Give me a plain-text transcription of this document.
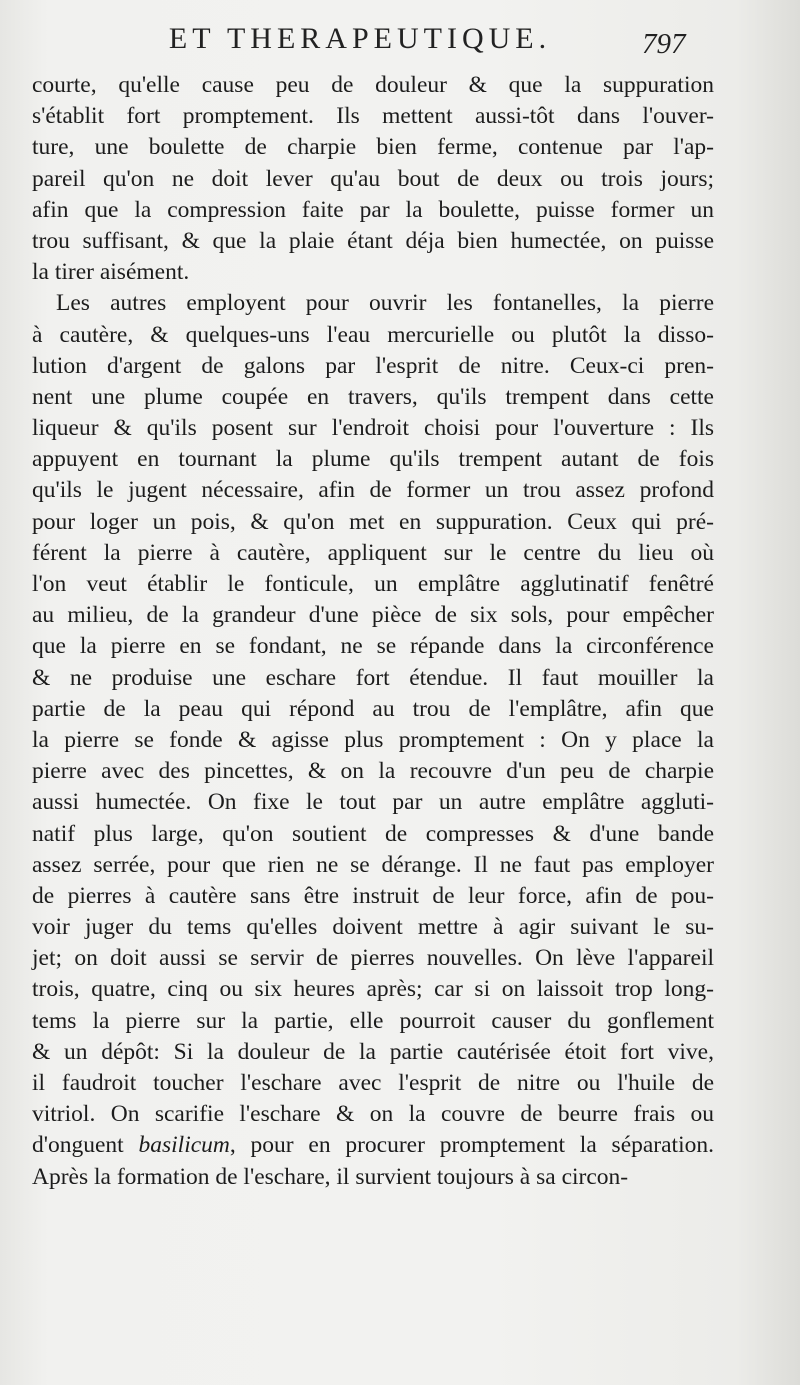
ET THERAPEUTIQUE.	797
courte, qu'elle cause peu de douleur & que la suppuration
s'établit fort promptement. Ils mettent aussi-tôt dans l'ouver-
ture, une boulette de charpie bien ferme, contenue par l'ap-
pareil qu'on ne doit lever qu'au bout de deux ou trois jours;
afin que la compression faite par la boulette, puisse former un
trou suffisant, & que la plaie étant déja bien humectée, on puisse
la tirer aisément.
Les autres employent pour ouvrir les fontanelles, la pierre
à cautère, & quelques-uns l'eau mercurielle ou plutôt la disso-
lution d'argent de galons par l'esprit de nitre. Ceux-ci pren-
nent une plume coupée en travers, qu'ils trempent dans cette
liqueur & qu'ils posent sur l'endroit choisi pour l'ouverture : Ils
appuyent en tournant la plume qu'ils trempent autant de fois
qu'ils le jugent nécessaire, afin de former un trou assez profond
pour loger un pois, & qu'on met en suppuration. Ceux qui pré-
férent la pierre à cautère, appliquent sur le centre du lieu où
l'on veut établir le fonticule, un emplâtre agglutinatif fenêtré
au milieu, de la grandeur d'une pièce de six sols, pour empêcher
que la pierre en se fondant, ne se répande dans la circonférence
& ne produise une eschare fort étendue. Il faut mouiller la
partie de la peau qui répond au trou de l'emplâtre, afin que
la pierre se fonde & agisse plus promptement : On y place la
pierre avec des pincettes, & on la recouvre d'un peu de charpie
aussi humectée. On fixe le tout par un autre emplâtre aggluti-
natif plus large, qu'on soutient de compresses & d'une bande
assez serrée, pour que rien ne se dérange. Il ne faut pas employer
de pierres à cautère sans être instruit de leur force, afin de pou-
voir juger du tems qu'elles doivent mettre à agir suivant le su-
jet; on doit aussi se servir de pierres nouvelles. On lève l'appareil
trois, quatre, cinq ou six heures après; car si on laissoit trop long-
tems la pierre sur la partie, elle pourroit causer du gonflement
& un dépôt: Si la douleur de la partie cautérisée étoit fort vive,
il faudroit toucher l'eschare avec l'esprit de nitre ou l'huile de
vitriol. On scarifie l'eschare & on la couvre de beurre frais ou
d'onguent basilicum, pour en procurer promptement la séparation.
Après la formation de l'eschare, il survient toujours à sa circon-
